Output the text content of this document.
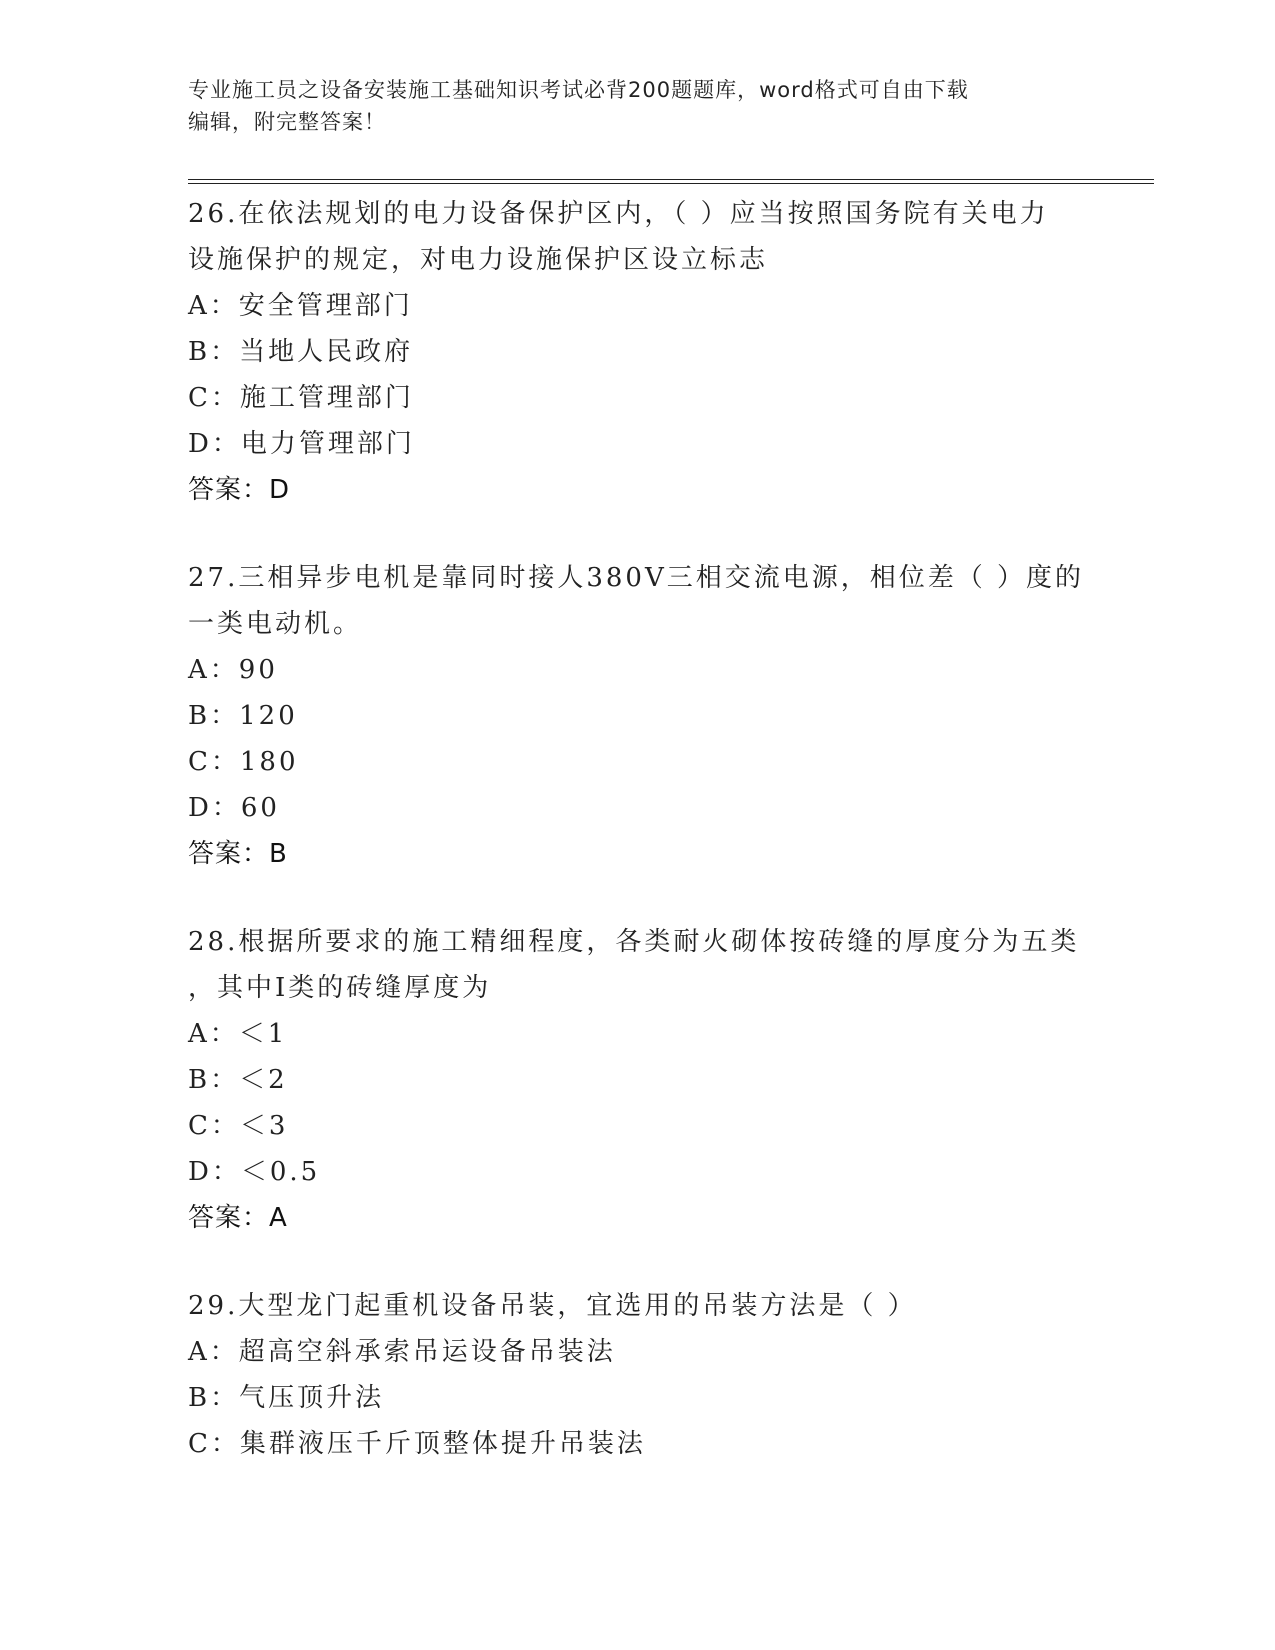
专业施工员之设备安装施工基础知识考试必背200题题库，word格式可自由下载
编辑，附完整答案！
26.在依法规划的电力设备保护区内，（ ）应当按照国务院有关电力
设施保护的规定，对电力设施保护区设立标志
A：安全管理部门
B：当地人民政府
C：施工管理部门
D：电力管理部门
答案：D
27.三相异步电机是靠同时接人380V三相交流电源，相位差（ ）度的
一类电动机。
A：90
B：120
C：180
D：60
答案：B
28.根据所要求的施工精细程度，各类耐火砌体按砖缝的厚度分为五类
，其中Ⅰ类的砖缝厚度为
A：＜1
B：＜2
C：＜3
D：＜0.5
答案：A
29.大型龙门起重机设备吊装，宜选用的吊装方法是（ ）
A：超高空斜承索吊运设备吊装法
B：气压顶升法
C：集群液压千斤顶整体提升吊装法
